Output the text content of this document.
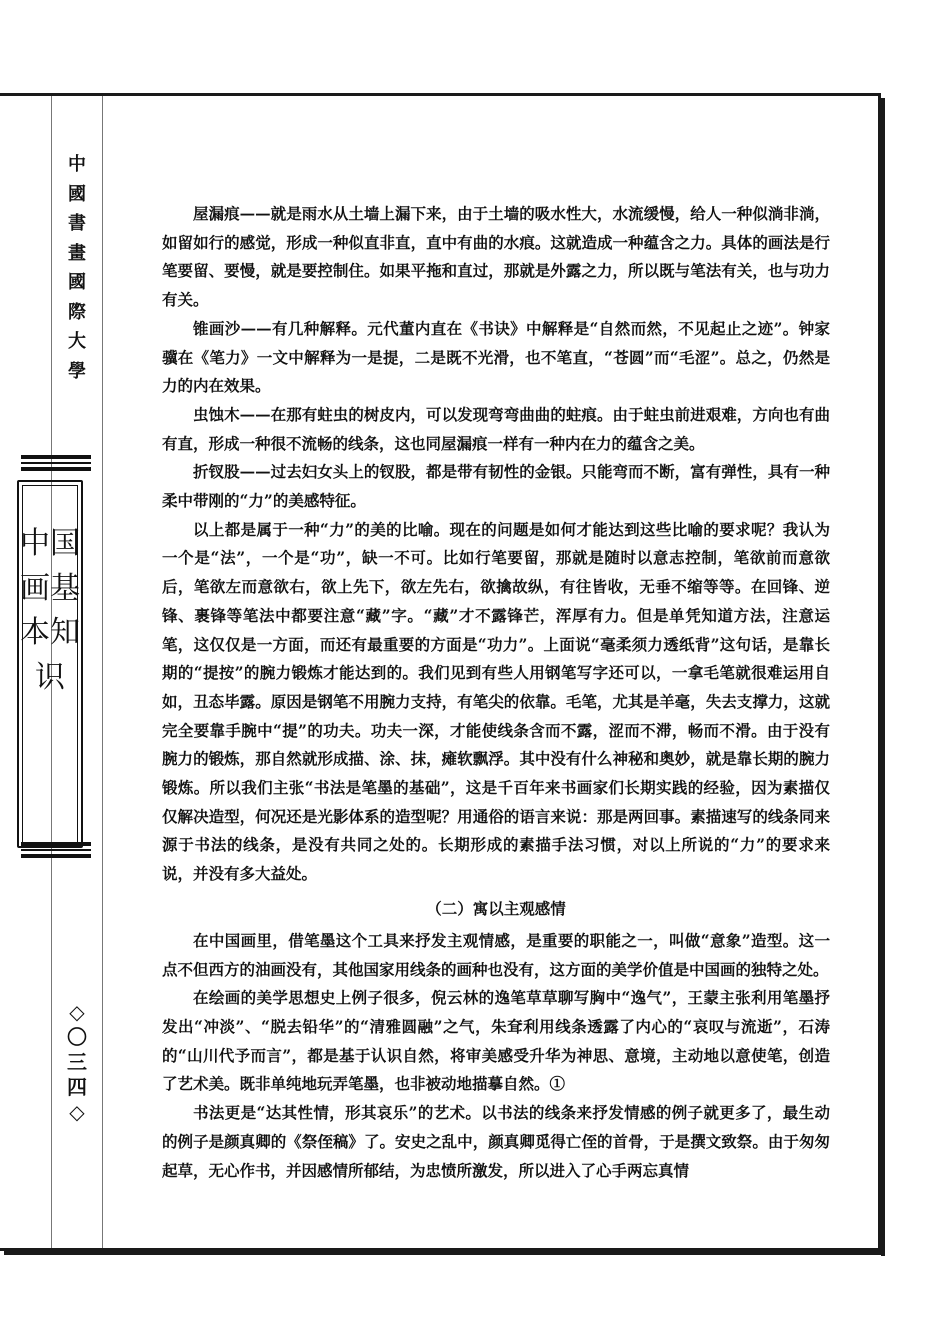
中國書畫國際大學
中国画基本知识
◇〇三四◇

屋漏痕——就是雨水从土墙上漏下来，由于土墙的吸水性大，水流缓慢，给人一种似淌非淌，如留如行的感觉，形成一种似直非直，直中有曲的水痕。这就造成一种蕴含之力。具体的画法是行笔要留、要慢，就是要控制住。如果平拖和直过，那就是外露之力，所以既与笔法有关，也与功力有关。

锥画沙——有几种解释。元代董内直在《书诀》中解释是“自然而然，不见起止之迹”。钟家骥在《笔力》一文中解释为一是提，二是既不光滑，也不笔直，“苍圆”而“毛涩”。总之，仍然是力的内在效果。

虫蚀木——在那有蛀虫的树皮内，可以发现弯弯曲曲的蛀痕。由于蛀虫前进艰难，方向也有曲有直，形成一种很不流畅的线条，这也同屋漏痕一样有一种内在力的蕴含之美。

折钗股——过去妇女头上的钗股，都是带有韧性的金银。只能弯而不断，富有弹性，具有一种柔中带刚的“力”的美感特征。

以上都是属于一种“力”的美的比喻。现在的问题是如何才能达到这些比喻的要求呢？我认为一个是“法”，一个是“功”，缺一不可。比如行笔要留，那就是随时以意志控制，笔欲前而意欲后，笔欲左而意欲右，欲上先下，欲左先右，欲擒故纵，有往皆收，无垂不缩等等。在回锋、逆锋、裹锋等笔法中都要注意“藏”字。“藏”才不露锋芒，浑厚有力。但是单凭知道方法，注意运笔，这仅仅是一方面，而还有最重要的方面是“功力”。上面说“毫柔须力透纸背”这句话，是靠长期的“提按”的腕力锻炼才能达到的。我们见到有些人用钢笔写字还可以，一拿毛笔就很难运用自如，丑态毕露。原因是钢笔不用腕力支持，有笔尖的依靠。毛笔，尤其是羊毫，失去支撑力，这就完全要靠手腕中“提”的功夫。功夫一深，才能使线条含而不露，涩而不滞，畅而不滑。由于没有腕力的锻炼，那自然就形成描、涂、抹，瘫软飘浮。其中没有什么神秘和奥妙，就是靠长期的腕力锻炼。所以我们主张“书法是笔墨的基础”，这是千百年来书画家们长期实践的经验，因为素描仅仅解决造型，何况还是光影体系的造型呢？用通俗的语言来说：那是两回事。素描速写的线条同来源于书法的线条，是没有共同之处的。长期形成的素描手法习惯，对以上所说的“力”的要求来说，并没有多大益处。

（二）寓以主观感情

在中国画里，借笔墨这个工具来抒发主观情感，是重要的职能之一，叫做“意象”造型。这一点不但西方的油画没有，其他国家用线条的画种也没有，这方面的美学价值是中国画的独特之处。

在绘画的美学思想史上例子很多，倪云林的逸笔草草聊写胸中“逸气”，王蒙主张利用笔墨抒发出“冲淡”、“脱去铅华”的“清雅圆融”之气，朱耷利用线条透露了内心的“哀叹与流逝”，石涛的“山川代予而言”，都是基于认识自然，将审美感受升华为神思、意境，主动地以意使笔，创造了艺术美。既非单纯地玩弄笔墨，也非被动地描摹自然。①

书法更是“达其性情，形其哀乐”的艺术。以书法的线条来抒发情感的例子就更多了，最生动的例子是颜真卿的《祭侄稿》了。安史之乱中，颜真卿觅得亡侄的首骨，于是撰文致祭。由于匆匆起草，无心作书，并因感情所郁结，为忠愤所激发，所以进入了心手两忘真情
